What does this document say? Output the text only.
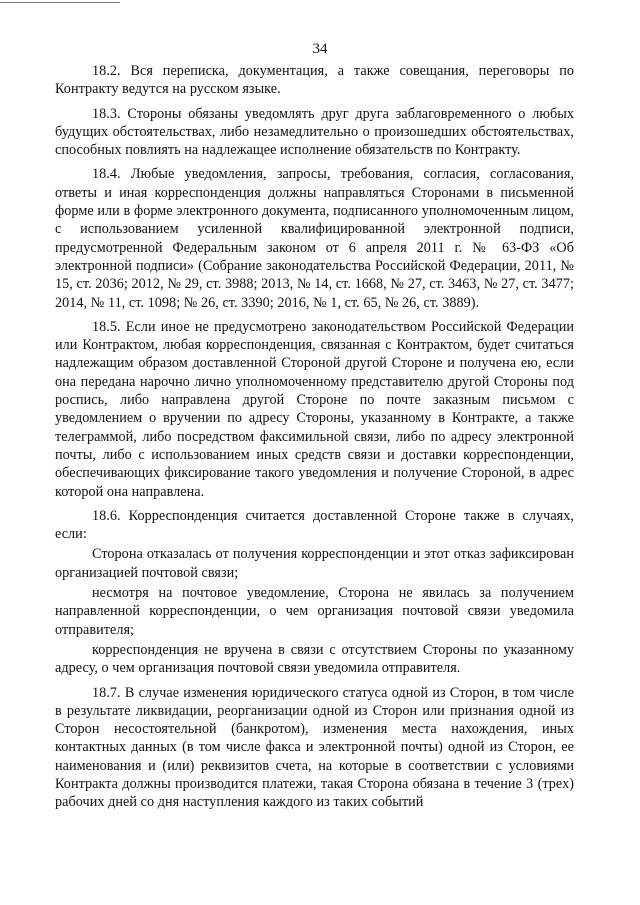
34

18.2. Вся переписка, документация, а также совещания, переговоры по Контракту ведутся на русском языке.

18.3. Стороны обязаны уведомлять друг друга заблаговременного о любых будущих обстоятельствах, либо незамедлительно о произошедших обстоятельствах, способных повлиять на надлежащее исполнение обязательств по Контракту.

18.4. Любые уведомления, запросы, требования, согласия, согласования, ответы и иная корреспонденция должны направляться Сторонами в письменной форме или в форме электронного документа, подписанного уполномоченным лицом, с использованием усиленной квалифицированной электронной подписи, предусмотренной Федеральным законом от 6 апреля 2011 г. № 63-ФЗ «Об электронной подписи» (Собрание законодательства Российской Федерации, 2011, № 15, ст. 2036; 2012, № 29, ст. 3988; 2013, № 14, ст. 1668, № 27, ст. 3463, № 27, ст. 3477; 2014, № 11, ст. 1098; № 26, ст. 3390; 2016, № 1, ст. 65, № 26, ст. 3889).

18.5. Если иное не предусмотрено законодательством Российской Федерации или Контрактом, любая корреспонденция, связанная с Контрактом, будет считаться надлежащим образом доставленной Стороной другой Стороне и получена ею, если она передана нарочно лично уполномоченному представителю другой Стороны под роспись, либо направлена другой Стороне по почте заказным письмом с уведомлением о вручении по адресу Стороны, указанному в Контракте, а также телеграммой, либо посредством факсимильной связи, либо по адресу электронной почты, либо с использованием иных средств связи и доставки корреспонденции, обеспечивающих фиксирование такого уведомления и получение Стороной, в адрес которой она направлена.

18.6. Корреспонденция считается доставленной Стороне также в случаях, если:

Сторона отказалась от получения корреспонденции и этот отказ зафиксирован организацией почтовой связи;

несмотря на почтовое уведомление, Сторона не явилась за получением направленной корреспонденции, о чем организация почтовой связи уведомила отправителя;

корреспонденция не вручена в связи с отсутствием Стороны по указанному адресу, о чем организация почтовой связи уведомила отправителя.

18.7. В случае изменения юридического статуса одной из Сторон, в том числе в результате ликвидации, реорганизации одной из Сторон или признания одной из Сторон несостоятельной (банкротом), изменения места нахождения, иных контактных данных (в том числе факса и электронной почты) одной из Сторон, ее наименования и (или) реквизитов счета, на которые в соответствии с условиями Контракта должны производится платежи, такая Сторона обязана в течение 3 (трех) рабочих дней со дня наступления каждого из таких событий
